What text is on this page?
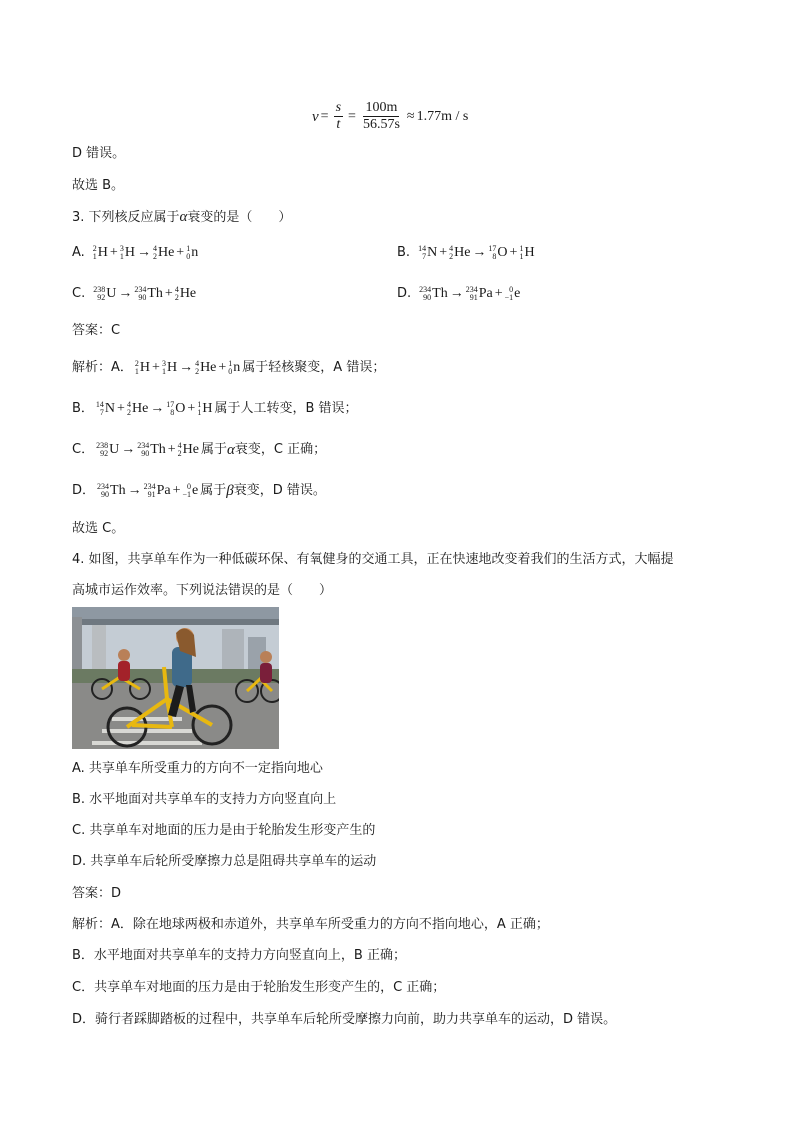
$v = \frac{s}{t} = \frac{100m}{56.57s} \approx 1.77m / s$
D 错误。
故选 B。
3. 下列核反应属于α衰变的是（　　）
A. 2
1 H + 3
1 H → 4
2 He + 1
0 n	B. 14
7 N + 4
2 He → 17
8 O + 1
1 H
C. 238
92 U → 234
90 Th + 4
2 He	D. 234
90 Th → 234
91 Pa + 0
−1 e
答案：C
解析：A． 2
1 H + 3
1 H → 4
2 He + 1
0 n 属于轻核聚变，A 错误；
B． 14
7 N + 4
2 He → 17
8 O + 1
1 H 属于人工转变，B 错误；
C． 238
92 U → 234
90 Th + 4
2 He 属于 α 衰变，C 正确；
D． 234
90 Th → 234
91 Pa + 0
−1 e 属于 β 衰变，D 错误。
故选 C。
4. 如图，共享单车作为一种低碳环保、有氧健身的交通工具，正在快速地改变着我们的生活方式，大幅提
高城市运作效率。下列说法错误的是（　　）
A. 共享单车所受重力的方向不一定指向地心
B. 水平地面对共享单车的支持力方向竖直向上
C. 共享单车对地面的压力是由于轮胎发生形变产生的
D. 共享单车后轮所受摩擦力总是阻碍共享单车的运动
答案：D
解析：A．除在地球两极和赤道外，共享单车所受重力的方向不指向地心，A 正确；
B．水平地面对共享单车的支持力方向竖直向上，B 正确；
C．共享单车对地面的压力是由于轮胎发生形变产生的，C 正确；
D．骑行者踩脚踏板的过程中，共享单车后轮所受摩擦力向前，助力共享单车的运动，D 错误。
